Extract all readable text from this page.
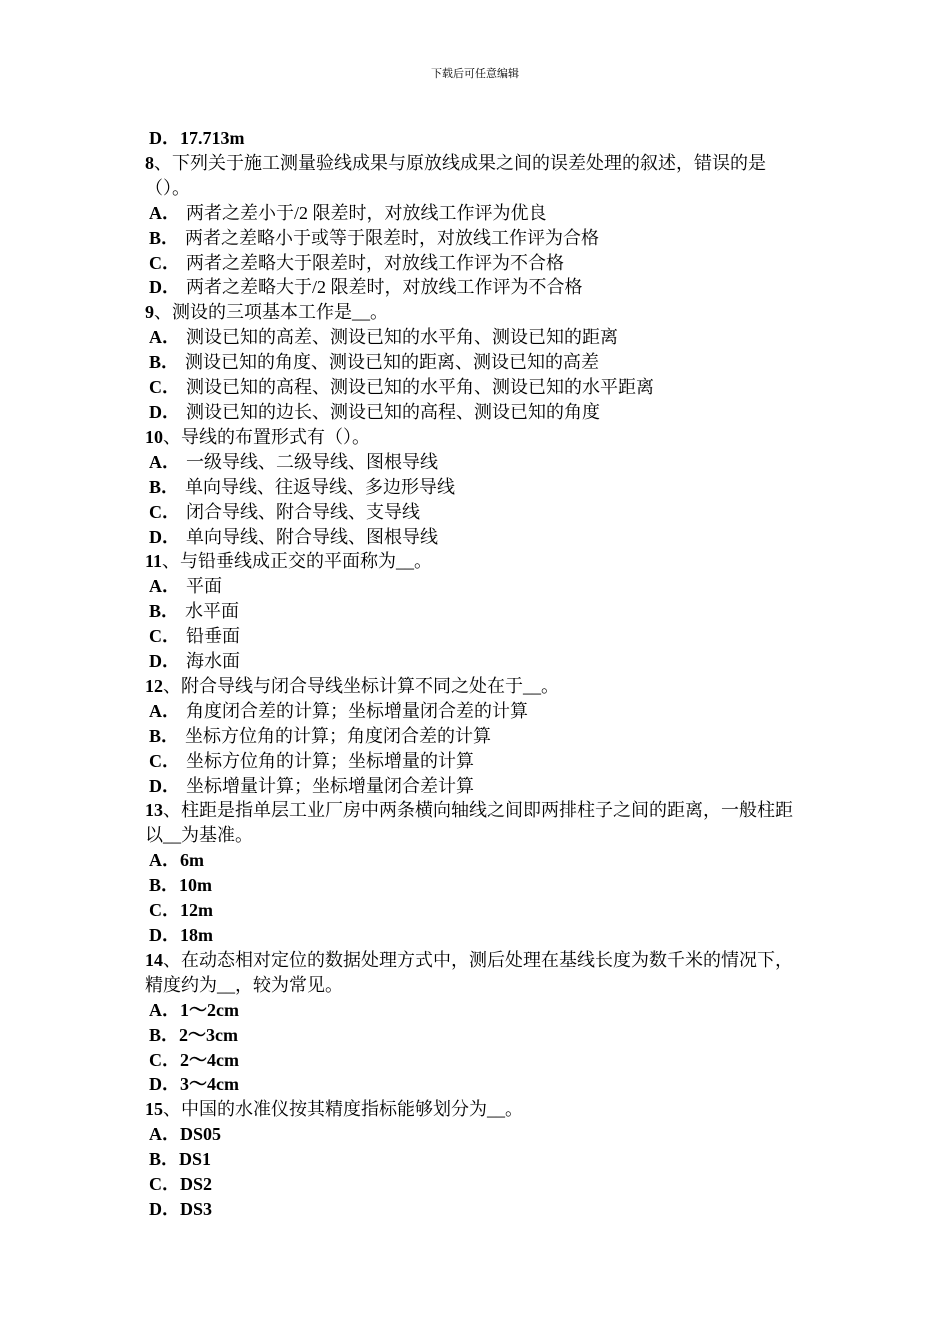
下载后可任意编辑
D．17.713m
8、下列关于施工测量验线成果与原放线成果之间的误差处理的叙述，错误的是（）。
A． 两者之差小于/2 限差时，对放线工作评为优良
B． 两者之差略小于或等于限差时，对放线工作评为合格
C． 两者之差略大于限差时，对放线工作评为不合格
D． 两者之差略大于/2 限差时，对放线工作评为不合格
9、测设的三项基本工作是__。
A． 测设已知的高差、测设已知的水平角、测设已知的距离
B． 测设已知的角度、测设已知的距离、测设已知的高差
C． 测设已知的高程、测设已知的水平角、测设已知的水平距离
D． 测设已知的边长、测设已知的高程、测设已知的角度
10、导线的布置形式有（）。
A． 一级导线、二级导线、图根导线
B． 单向导线、往返导线、多边形导线
C． 闭合导线、附合导线、支导线
D． 单向导线、附合导线、图根导线
11、与铅垂线成正交的平面称为__。
A． 平面
B． 水平面
C． 铅垂面
D． 海水面
12、附合导线与闭合导线坐标计算不同之处在于__。
A． 角度闭合差的计算；坐标增量闭合差的计算
B． 坐标方位角的计算；角度闭合差的计算
C． 坐标方位角的计算；坐标增量的计算
D． 坐标增量计算；坐标增量闭合差计算
13、柱距是指单层工业厂房中两条横向轴线之间即两排柱子之间的距离，一般柱距以__为基准。
A．6m
B．10m
C．12m
D．18m
14、在动态相对定位的数据处理方式中，测后处理在基线长度为数千米的情况下，精度约为__，较为常见。
A．1～2cm
B．2～3cm
C．2～4cm
D．3～4cm
15、中国的水准仪按其精度指标能够划分为__。
A．DS05
B．DS1
C．DS2
D．DS3
